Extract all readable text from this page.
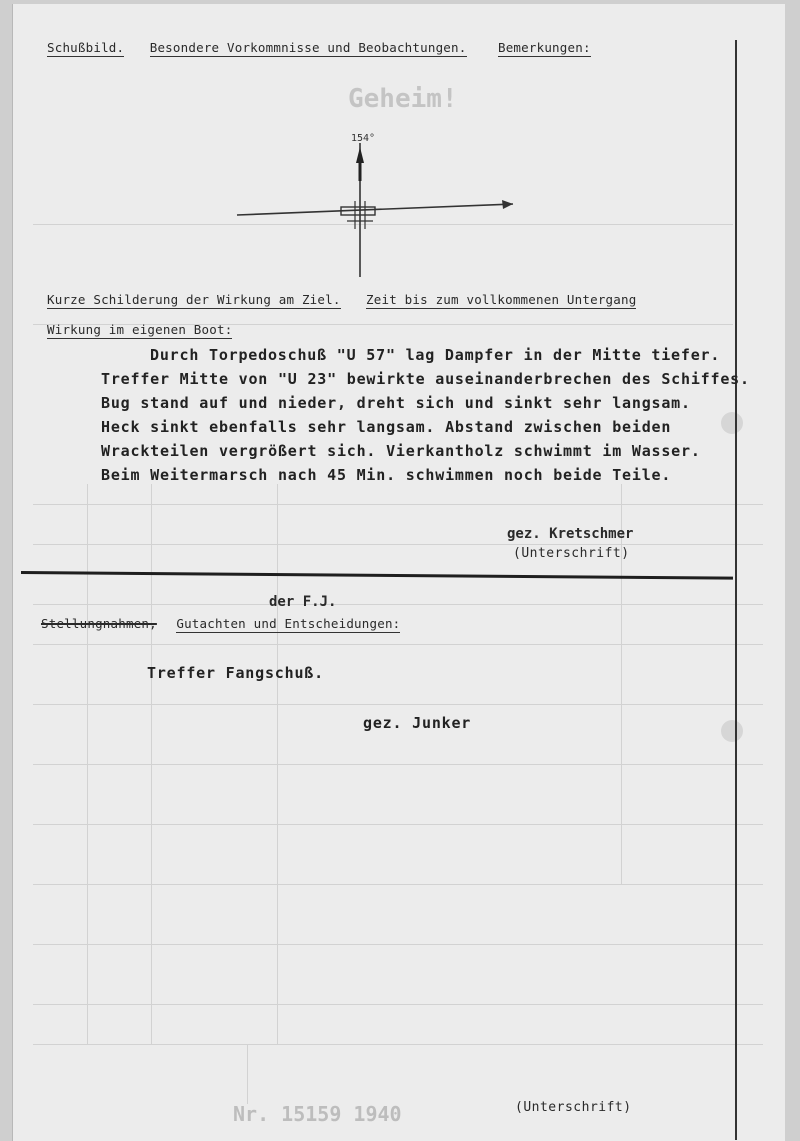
Geheim!
Nr. 15159 1940
Schußbild. Besondere Vorkommnisse und Beobachtungen.	Bemerkungen:
154°
Kurze Schilderung der Wirkung am Ziel. Zeit bis zum vollkommenen Untergang
Wirkung im eigenen Boot:
Durch Torpedoschuß "U 57" lag Dampfer in der Mitte tiefer.
Treffer Mitte von "U 23" bewirkte auseinanderbrechen des Schiffes.
Bug stand auf und nieder, dreht sich und sinkt sehr langsam.
Heck sinkt ebenfalls sehr langsam. Abstand zwischen beiden
Wrackteilen vergrößert sich. Vierkantholz schwimmt im Wasser.
Beim Weitermarsch nach 45 Min. schwimmen noch beide Teile.
gez. Kretschmer
(Unterschrift)
der F.J.
Stellungnahmen, Gutachten und Entscheidungen:
Treffer Fangschuß.
gez. Junker
(Unterschrift)
